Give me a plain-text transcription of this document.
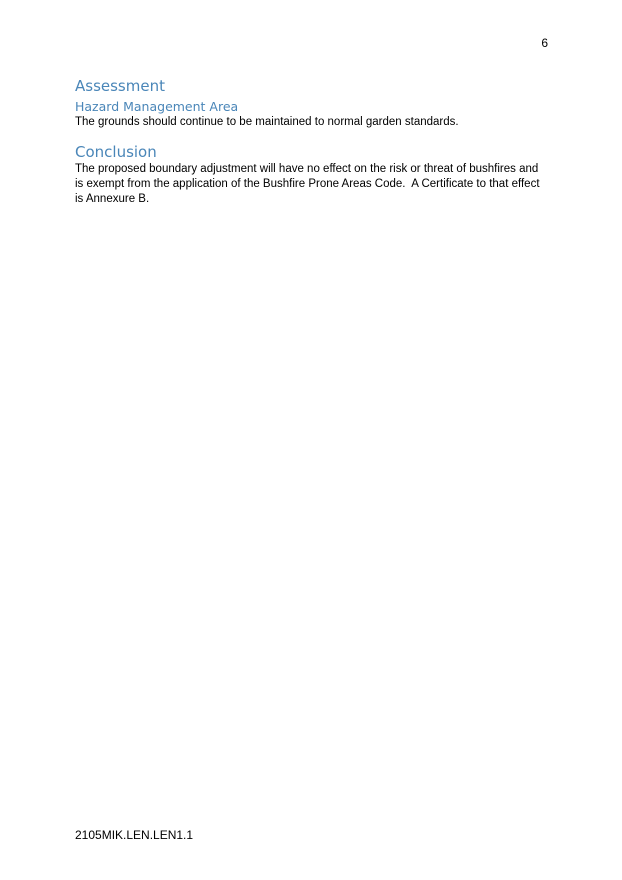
6
Assessment
Hazard Management Area

The grounds should continue to be maintained to normal garden standards.

Conclusion

The proposed boundary adjustment will have no effect on the risk or threat of bushfires and
is exempt from the application of the Bushfire Prone Areas Code.  A Certificate to that effect
is Annexure B.

2105MIK.LEN.LEN1.1
